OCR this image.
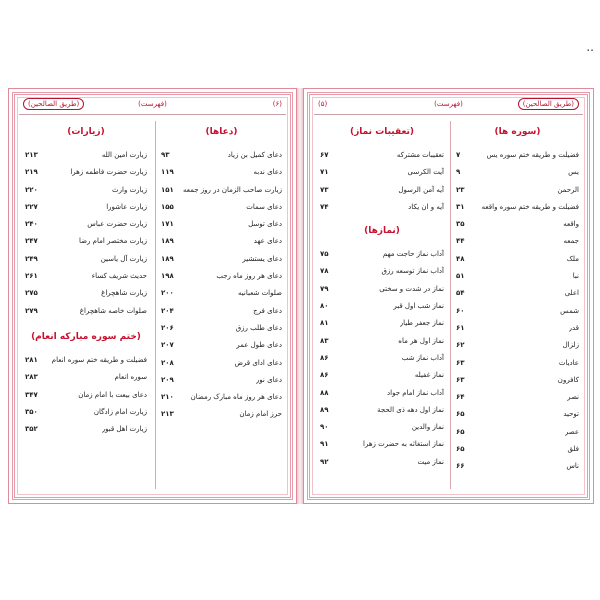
..
(۶)
(فهرست)
(طریق الصالحین)
(دعاها)
دعای کمیل بن زیاد
۹۳
دعای ندبه
۱۱۹
زیارت صاحب الزمان در روز جمعه
۱۵۱
دعای سمات
۱۵۵
دعای توسل
۱۷۱
دعای عهد
۱۸۹
دعای یستشیر
۱۸۹
دعای هر روز ماه رجب
۱۹۸
صلوات شعبانیه
۲۰۰
دعای فرج
۲۰۴
دعای طلب رزق
۲۰۶
دعای طول عمر
۲۰۷
دعای ادای قرض
۲۰۸
دعای نور
۲۰۹
دعای هر روز ماه مبارک رمضان
۲۱۰
حرز امام زمان
۲۱۳
(زیارات)
زیارت امین الله
۲۱۳
زیارت حضرت فاطمه زهرا
۲۱۹
زیارت وارث
۲۲۰
زیارت عاشورا
۲۲۷
زیارت حضرت عباس
۲۴۰
زیارت مختصر امام رضا
۲۴۷
زیارت آل یاسین
۲۴۹
حدیث شریف کساء
۲۶۱
زیارت شاهچراغ
۲۷۵
صلوات خاصه شاهچراغ
۲۷۹
(ختم سوره مبارکه انعام)
فضیلت و طریقه ختم سوره انعام
۲۸۱
سوره انعام
۲۸۳
دعای بیعت با امام زمان
۳۴۷
زیارت امام زادگان
۳۵۰
زیارت اهل قبور
۳۵۲
(طریق الصالحین)
(فهرست)
(۵)
(سوره ها)
فضیلت و طریقه ختم سوره یس
۷
یس
۹
الرحمن
۲۳
فضیلت و طریقه ختم سوره واقعه
۳۱
واقعه
۳۵
جمعه
۴۴
ملک
۴۸
نبا
۵۱
اعلی
۵۴
شمس
۶۰
قدر
۶۱
زلزال
۶۲
عادیات
۶۳
کافرون
۶۳
نصر
۶۴
توحید
۶۵
عصر
۶۵
فلق
۶۵
ناس
۶۶
(تعقیبات نماز)
تعقیبات مشترکه
۶۷
آیت الکرسی
۷۱
آیه آمن الرسول
۷۳
آیه و ان یکاد
۷۴
(نمازها)
آداب نماز حاجت مهم
۷۵
آداب نماز توسعه رزق
۷۸
نماز در شدت و سختی
۷۹
نماز شب اول قبر
۸۰
نماز جعفر طیار
۸۱
نماز اول هر ماه
۸۳
آداب نماز شب
۸۶
نماز غفیله
۸۶
آداب نماز امام جواد
۸۸
نماز اول دهه ذی الحجة
۸۹
نماز والدین
۹۰
نماز استغاثه به حضرت زهرا
۹۱
نماز میت
۹۲
